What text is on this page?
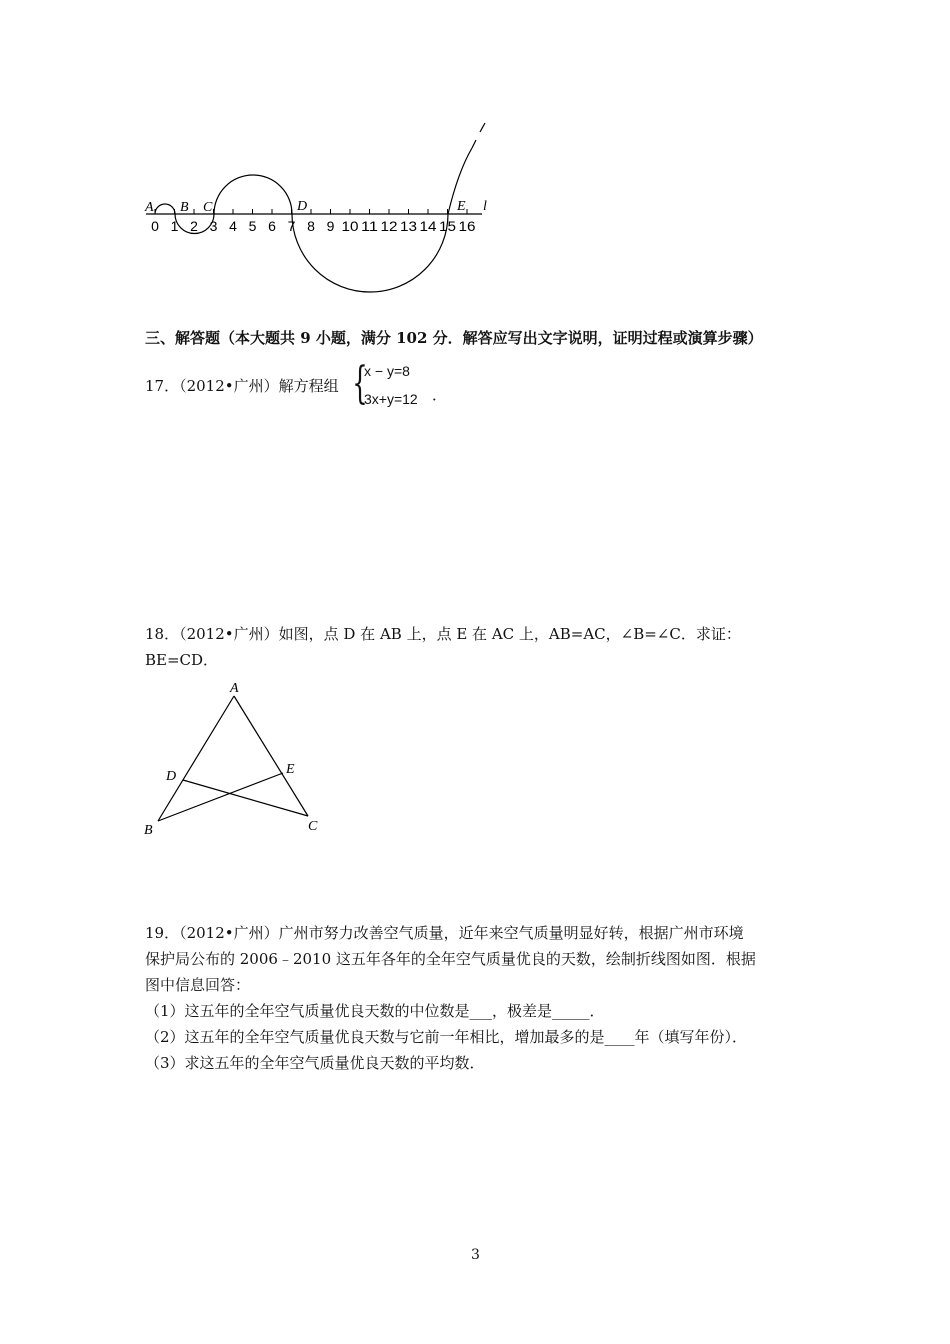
0 1 2 3 4 5 6 7 8 9 10 11 12 13 14 15 16
A B C	D	E l
三、解答题（本大题共 9 小题，满分 102 分．解答应写出文字说明，证明过程或演算步骤）
17．（2012•广州）解方程组 {
x − y=8
3x+y=12 ．
18．（2012•广州）如图，点 D 在 AB 上，点 E 在 AC 上，AB=AC，∠B=∠C．求证：
BE=CD．
A
B	C
D	E
19．（2012•广州）广州市努力改善空气质量，近年来空气质量明显好转，根据广州市环境
保护局公布的 2006﹣2010 这五年各年的全年空气质量优良的天数，绘制折线图如图．根据
图中信息回答：
（1）这五年的全年空气质量优良天数的中位数是___，极差是_____．
（2）这五年的全年空气质量优良天数与它前一年相比，增加最多的是____年（填写年份）．
（3）求这五年的全年空气质量优良天数的平均数．
3
